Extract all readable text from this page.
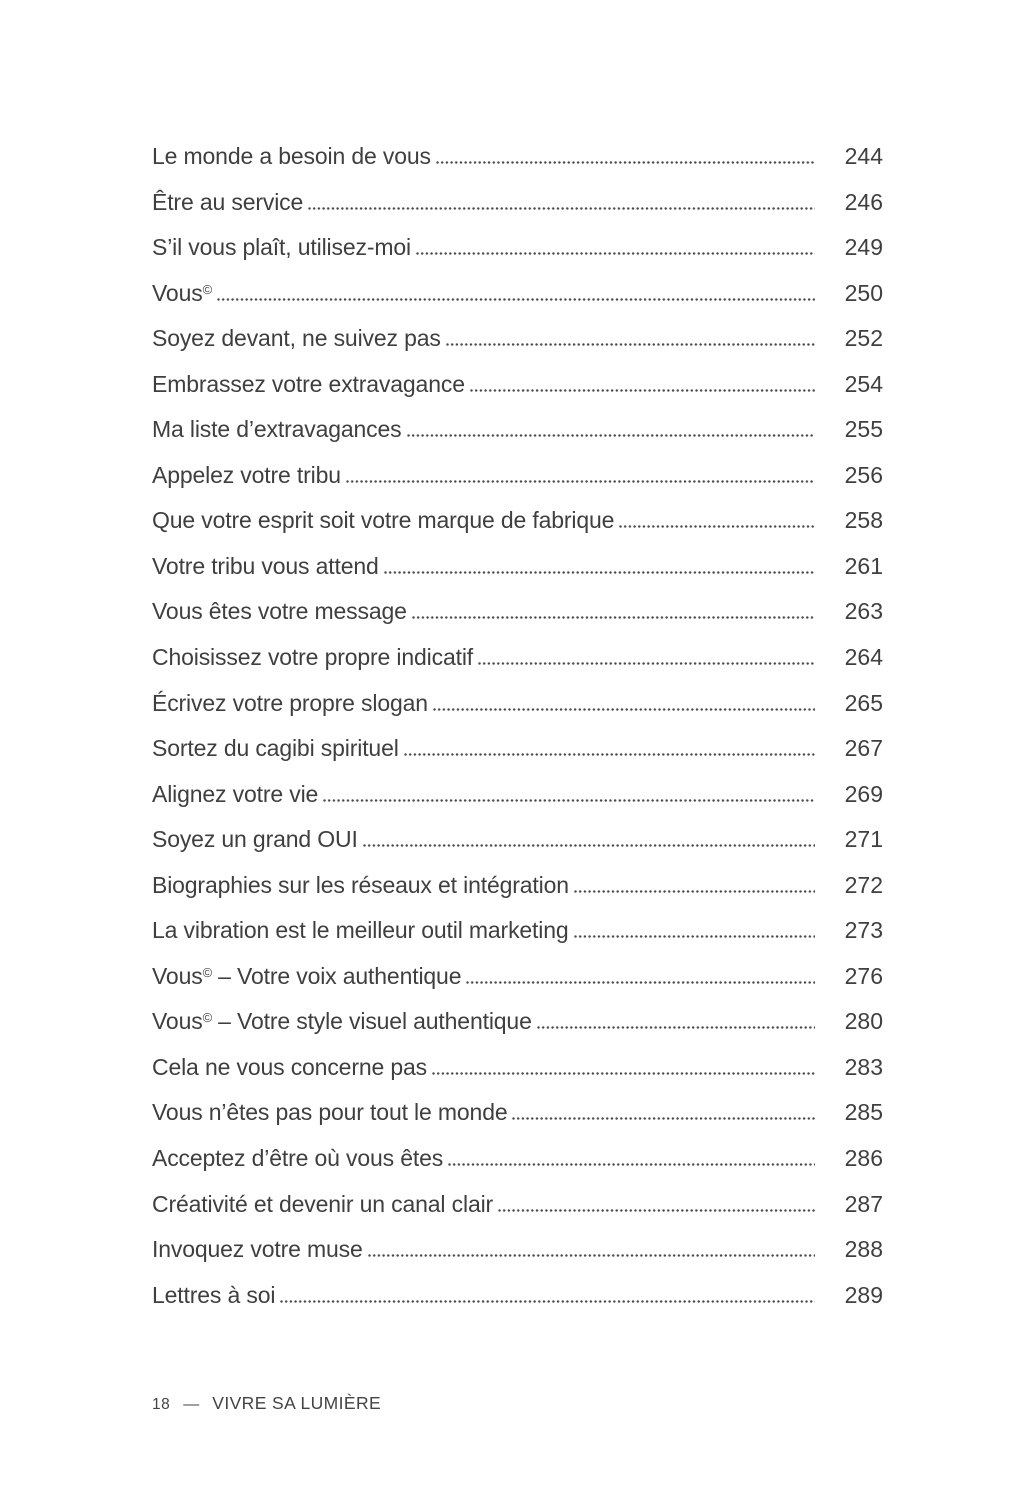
Le monde a besoin de vous	244
Être au service	246
S’il vous plaît, utilisez-moi	249
Vous©	250
Soyez devant, ne suivez pas	252
Embrassez votre extravagance	254
Ma liste d’extravagances	255
Appelez votre tribu	256
Que votre esprit soit votre marque de fabrique	258
Votre tribu vous attend	261
Vous êtes votre message	263
Choisissez votre propre indicatif	264
Écrivez votre propre slogan	265
Sortez du cagibi spirituel	267
Alignez votre vie	269
Soyez un grand OUI	271
Biographies sur les réseaux et intégration	272
La vibration est le meilleur outil marketing	273
Vous© – Votre voix authentique	276
Vous© – Votre style visuel authentique	280
Cela ne vous concerne pas	283
Vous n’êtes pas pour tout le monde	285
Acceptez d’être où vous êtes	286
Créativité et devenir un canal clair	287
Invoquez votre muse	288
Lettres à soi	289
18 — VIVRE SA LUMIÈRE
